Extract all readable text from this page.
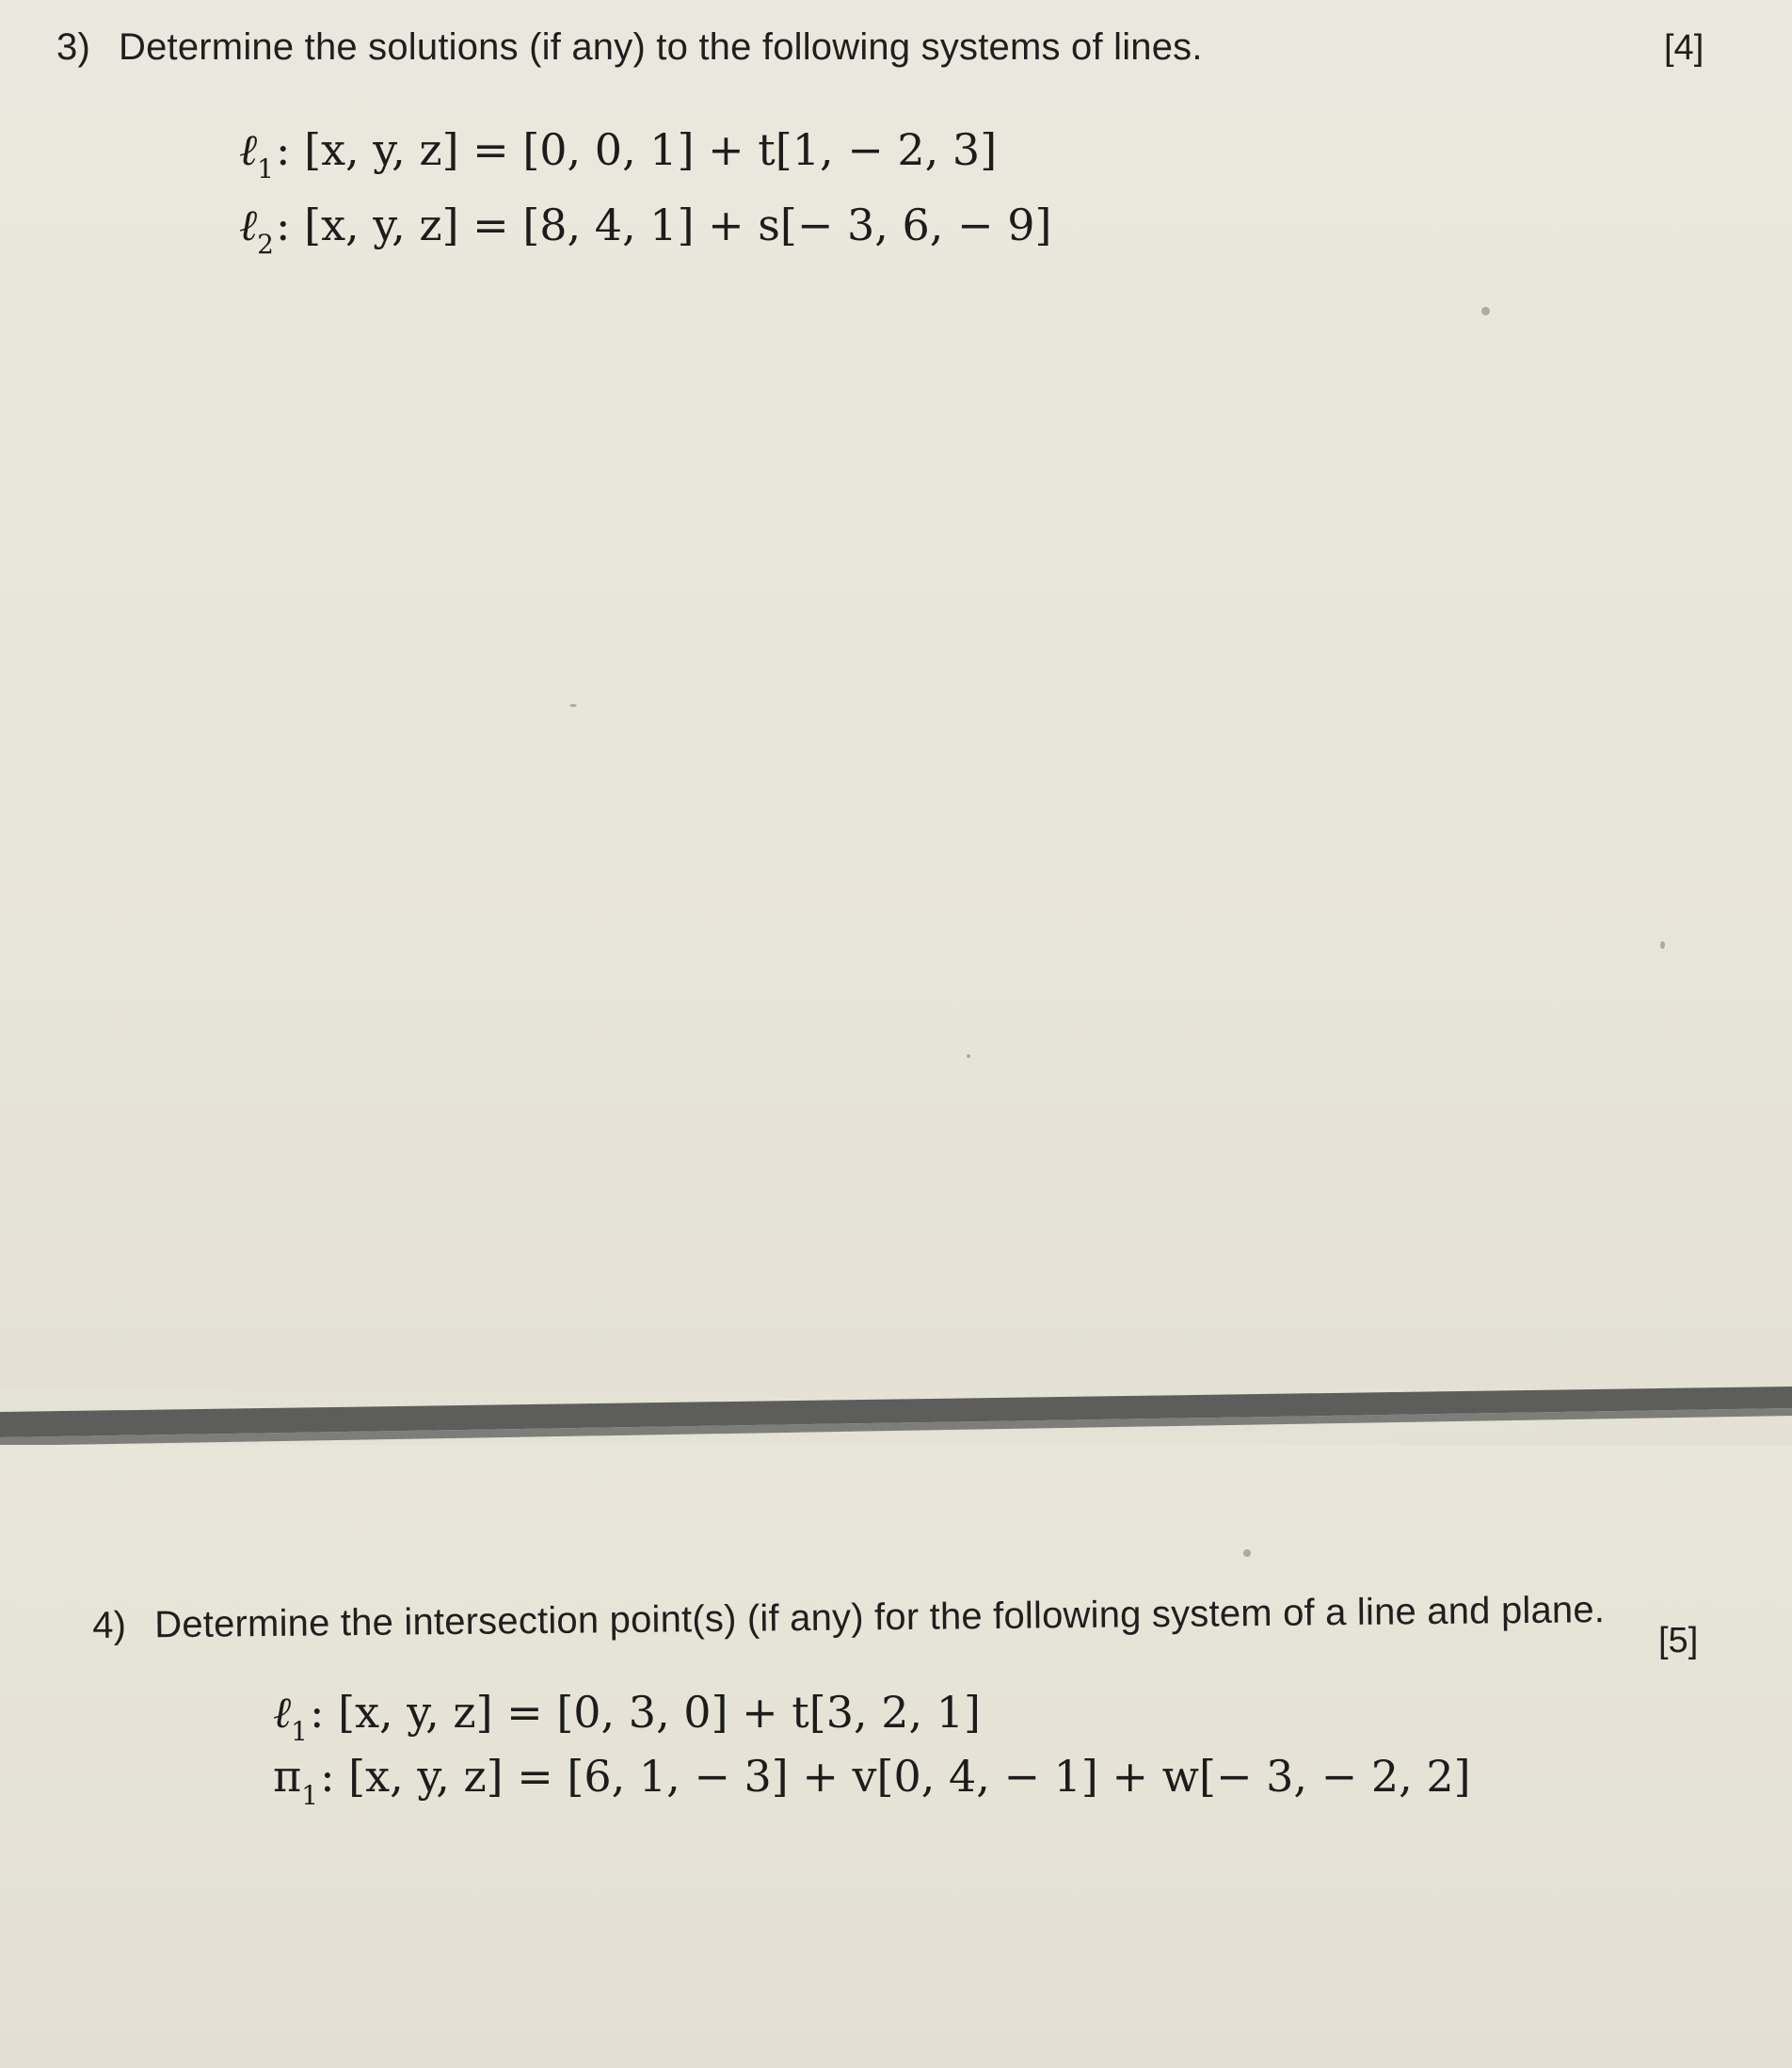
3) Determine the solutions (if any) to the following systems of lines.	[4]
ℓ$_1$: [x, y, z] = [0, 0, 1] + t[1, − 2, 3]
ℓ$_2$: [x, y, z] = [8, 4, 1] + s[− 3, 6, − 9]
4) Determine the intersection point(s) (if any) for the following system of a line and plane. [5]
ℓ$_1$: [x, y, z] = [0, 3, 0] + t[3, 2, 1]
$\pi_1$: [x, y, z] = [6, 1, − 3] + v[0, 4, − 1] + w[− 3, − 2, 2]
